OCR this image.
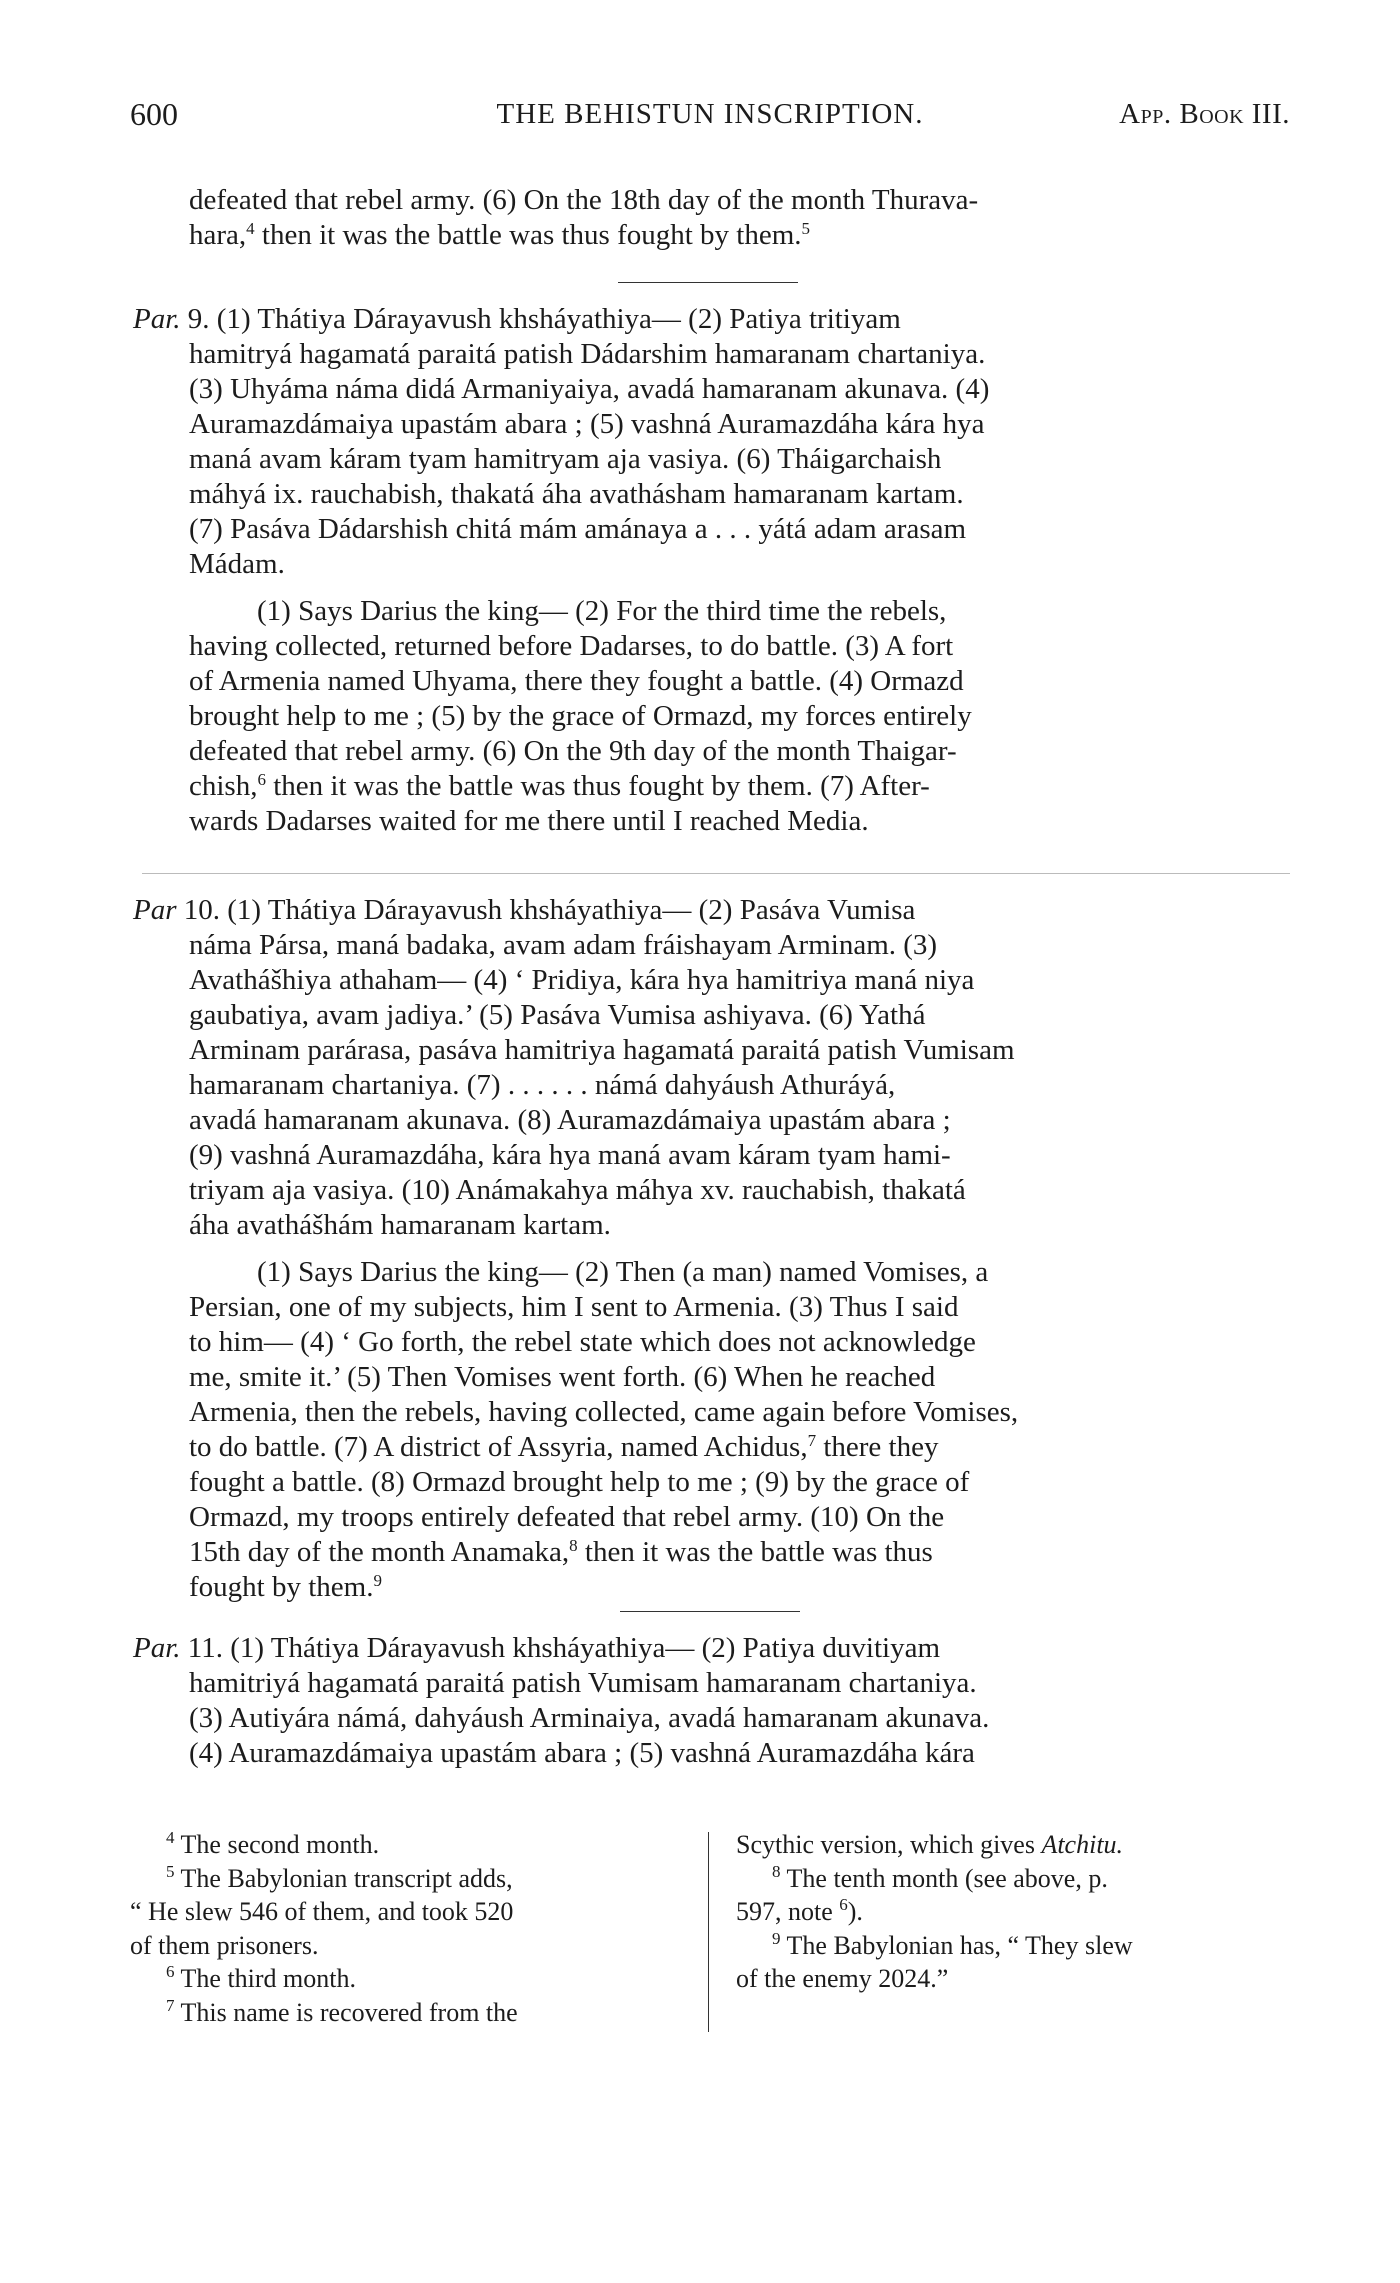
600	THE BEHISTUN INSCRIPTION.	App. Book III.

defeated that rebel army. (6) On the 18th day of the month Thurava-

hara,$^4$ then it was the battle was thus fought by them.$^5$

Par. 9. (1) Thátiya Dárayavush khsháyathiya— (2) Patiya tritiyam

hamitryá hagamatá paraitá patish Dádarshim hamaranam chartaniya.

(3) Uhyáma náma didá Armaniyaiya, avadá hamaranam akunava. (4)

Auramazdámaiya upastám abara ; (5) vashná Auramazdáha kára hya

maná avam káram tyam hamitryam aja vasiya. (6) Tháigarchaish

máhyá ix. rauchabish, thakatá áha avathásham hamaranam kartam.

(7) Pasáva Dádarshish chitá mám amánaya a . . . yátá adam arasam

Mádam.

(1) Says Darius the king— (2) For the third time the rebels,

having collected, returned before Dadarses, to do battle. (3) A fort

of Armenia named Uhyama, there they fought a battle. (4) Ormazd

brought help to me ; (5) by the grace of Ormazd, my forces entirely

defeated that rebel army. (6) On the 9th day of the month Thaigar-

chish,$^6$ then it was the battle was thus fought by them. (7) After-

wards Dadarses waited for me there until I reached Media.

Par 10. (1) Thátiya Dárayavush khsháyathiya— (2) Pasáva Vumisa

náma Pársa, maná badaka, avam adam fráishayam Arminam. (3)

Avathášhiya athaham— (4) ‘ Pridiya, kára hya hamitriya maná niya

gaubatiya, avam jadiya.’ (5) Pasáva Vumisa ashiyava. (6) Yathá

Arminam parárasa, pasáva hamitriya hagamatá paraitá patish Vumisam

hamaranam chartaniya. (7) . . . . . . námá dahyáush Athuráyá,

avadá hamaranam akunava. (8) Auramazdámaiya upastám abara ;

(9) vashná Auramazdáha, kára hya maná avam káram tyam hami-

triyam aja vasiya. (10) Anámakahya máhya xv. rauchabish, thakatá

áha avathášhám hamaranam kartam.

(1) Says Darius the king— (2) Then (a man) named Vomises, a

Persian, one of my subjects, him I sent to Armenia. (3) Thus I said

to him— (4) ‘ Go forth, the rebel state which does not acknowledge

me, smite it.’ (5) Then Vomises went forth. (6) When he reached

Armenia, then the rebels, having collected, came again before Vomises,

to do battle. (7) A district of Assyria, named Achidus,$^7$ there they

fought a battle. (8) Ormazd brought help to me ; (9) by the grace of

Ormazd, my troops entirely defeated that rebel army. (10) On the

15th day of the month Anamaka,$^8$ then it was the battle was thus

fought by them.$^9$

Par. 11. (1) Thátiya Dárayavush khsháyathiya— (2) Patiya duvitiyam

hamitriyá hagamatá paraitá patish Vumisam hamaranam chartaniya.

(3) Autiyára námá, dahyáush Arminaiya, avadá hamaranam akunava.

(4) Auramazdámaiya upastám abara ; (5) vashná Auramazdáha kára

$^4$ The second month.

$^5$ The Babylonian transcript adds,

“ He slew 546 of them, and took 520

of them prisoners.

$^6$ The third month.

$^7$ This name is recovered from the

Scythic version, which gives Atchitu.

$^8$ The tenth month (see above, p.

597, note $^6$).

$^9$ The Babylonian has, “ They slew

of the enemy 2024.”
